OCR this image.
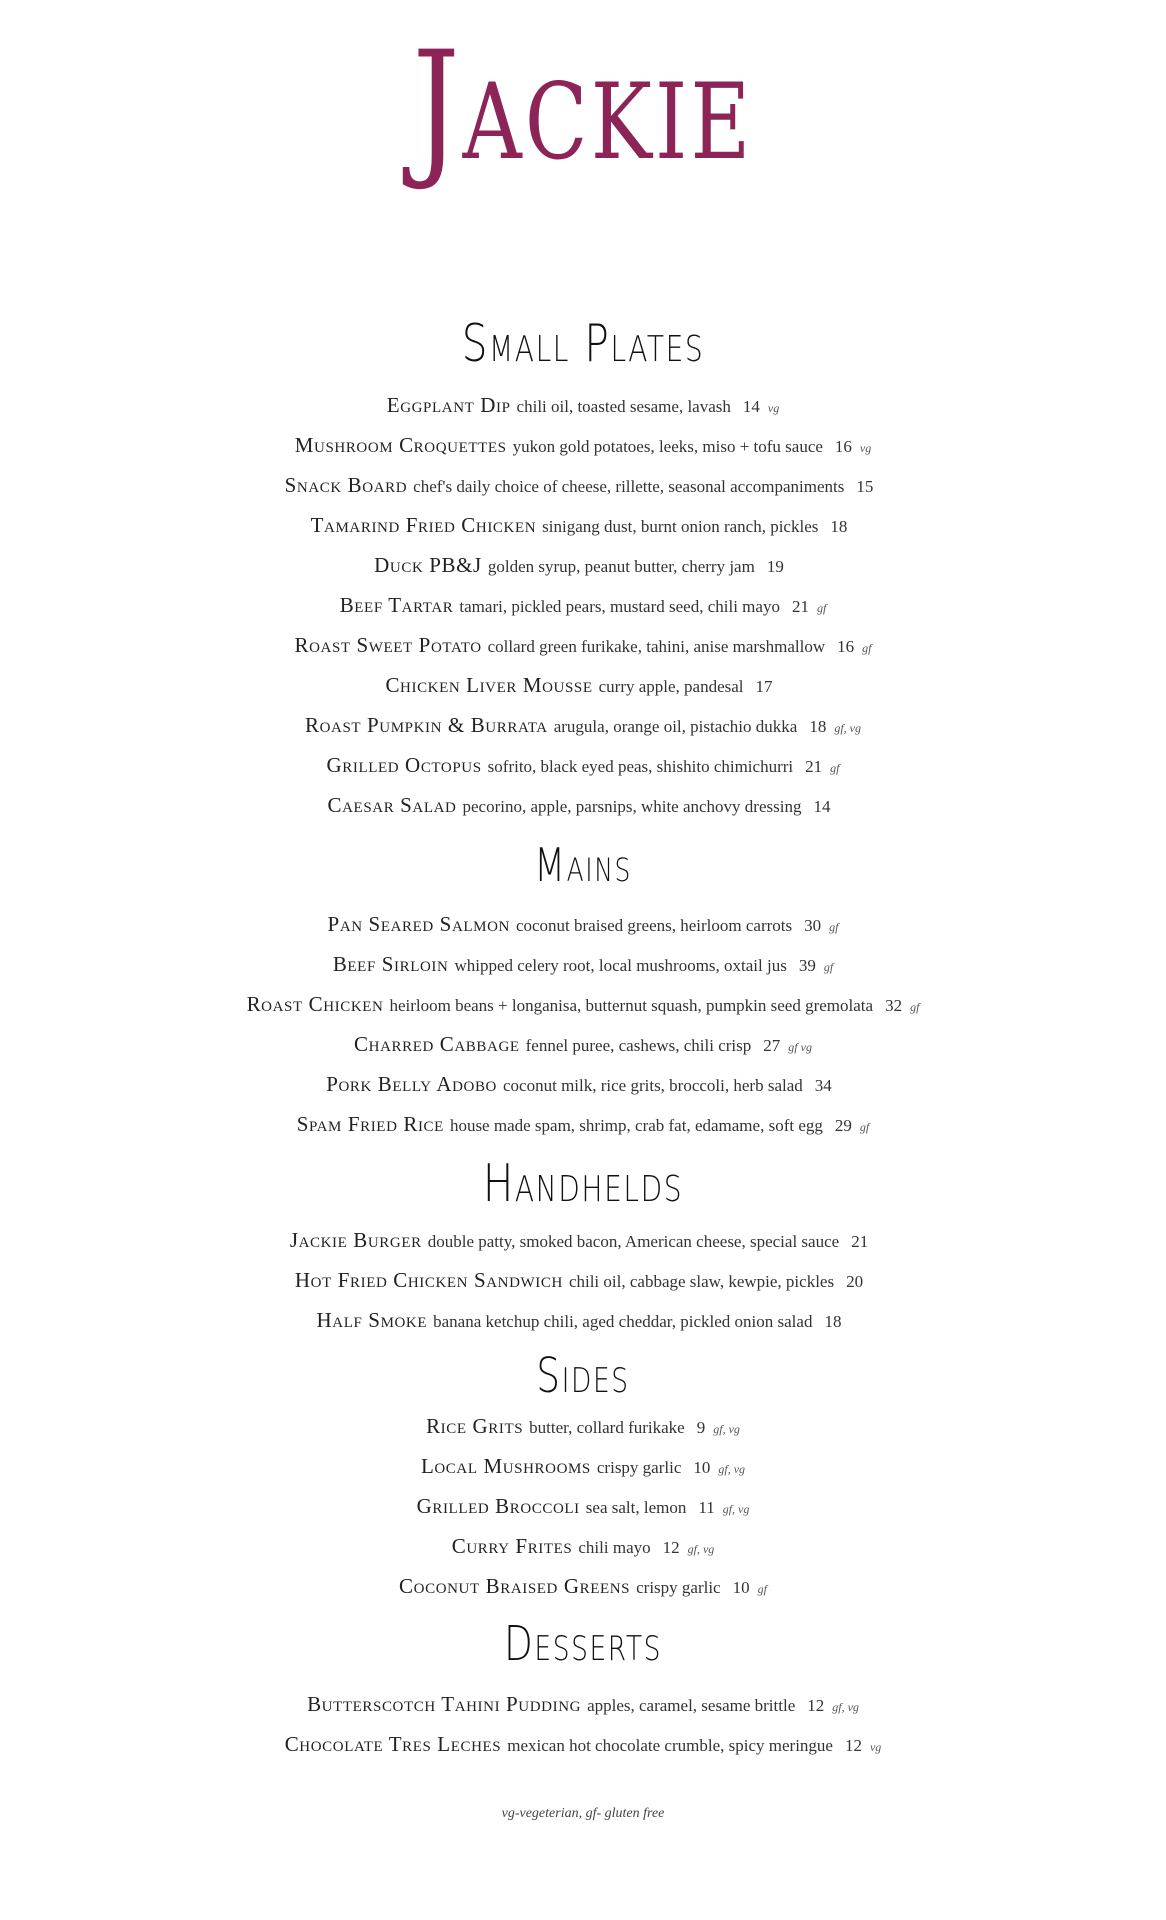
Jackie
Small Plates
Eggplant Dip chili oil, toasted sesame, lavash 14 vg
Mushroom Croquettes yukon gold potatoes, leeks, miso + tofu sauce 16 vg
Snack Board chef's daily choice of cheese, rillette, seasonal accompaniments 15
Tamarind Fried Chicken sinigang dust, burnt onion ranch, pickles 18
Duck PB&J golden syrup, peanut butter, cherry jam 19
Beef Tartar tamari, pickled pears, mustard seed, chili mayo 21 gf
Roast Sweet Potato collard green furikake, tahini, anise marshmallow 16 gf
Chicken Liver Mousse curry apple, pandesal 17
Roast Pumpkin & Burrata arugula, orange oil, pistachio dukka 18 gf, vg
Grilled Octopus sofrito, black eyed peas, shishito chimichurri 21 gf
Caesar Salad pecorino, apple, parsnips, white anchovy dressing 14
Mains
Pan Seared Salmon coconut braised greens, heirloom carrots 30 gf
Beef Sirloin whipped celery root, local mushrooms, oxtail jus 39 gf
Roast Chicken heirloom beans + longanisa, butternut squash, pumpkin seed gremolata 32 gf
Charred Cabbage fennel puree, cashews, chili crisp 27 gf vg
Pork Belly Adobo coconut milk, rice grits, broccoli, herb salad 34
Spam Fried Rice house made spam, shrimp, crab fat, edamame, soft egg 29 gf
Handhelds
Jackie Burger double patty, smoked bacon, American cheese, special sauce 21
Hot Fried Chicken Sandwich chili oil, cabbage slaw, kewpie, pickles 20
Half Smoke banana ketchup chili, aged cheddar, pickled onion salad 18
Sides
Rice Grits butter, collard furikake 9 gf, vg
Local Mushrooms crispy garlic 10 gf, vg
Grilled Broccoli sea salt, lemon 11 gf, vg
Curry Frites chili mayo 12 gf, vg
Coconut Braised Greens crispy garlic 10 gf
Desserts
Butterscotch Tahini Pudding apples, caramel, sesame brittle 12 gf, vg
Chocolate Tres Leches mexican hot chocolate crumble, spicy meringue 12 vg
vg-vegeterian, gf- gluten free
